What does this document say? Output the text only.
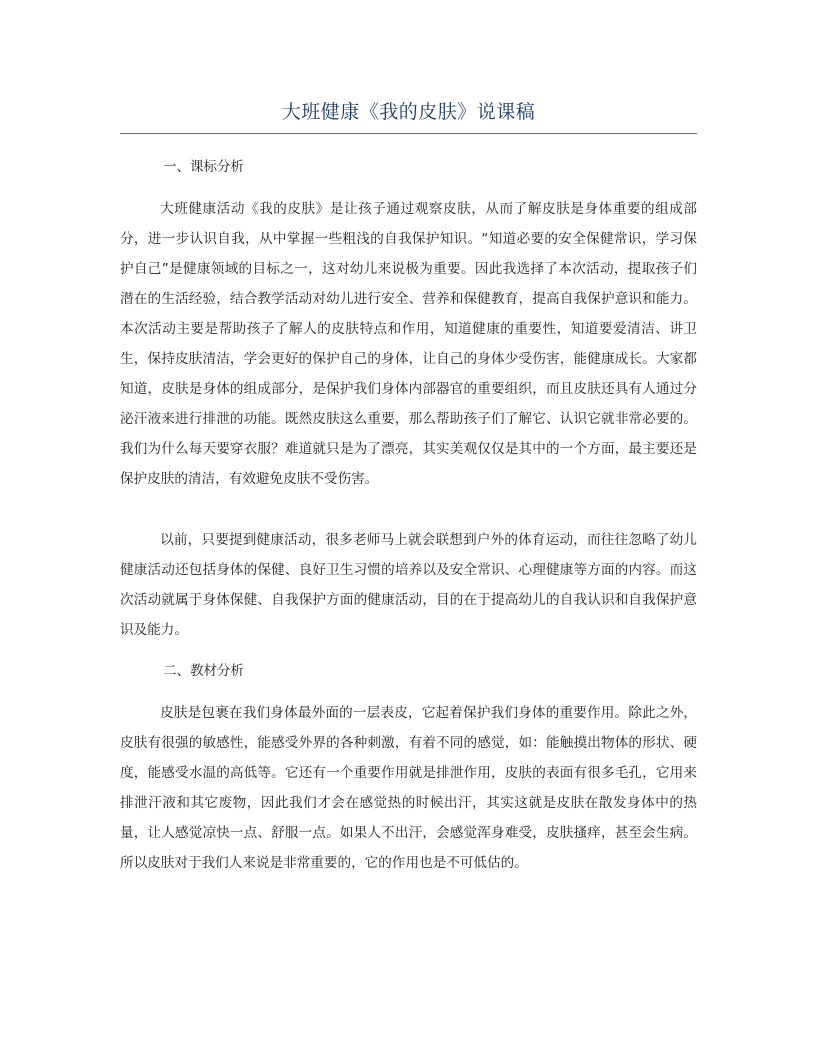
大班健康《我的皮肤》说课稿
一、课标分析

大班健康活动《我的皮肤》是让孩子通过观察皮肤，从而了解皮肤是身体重要的组成部分，进一步认识自我，从中掌握一些粗浅的自我保护知识。“知道必要的安全保健常识，学习保护自己”是健康领域的目标之一，这对幼儿来说极为重要。因此我选择了本次活动，提取孩子们潜在的生活经验，结合教学活动对幼儿进行安全、营养和保健教育，提高自我保护意识和能力。本次活动主要是帮助孩子了解人的皮肤特点和作用，知道健康的重要性，知道要爱清洁、讲卫生，保持皮肤清洁，学会更好的保护自己的身体，让自己的身体少受伤害，能健康成长。大家都知道，皮肤是身体的组成部分，是保护我们身体内部器官的重要组织，而且皮肤还具有人通过分泌汗液来进行排泄的功能。既然皮肤这么重要，那么帮助孩子们了解它、认识它就非常必要的。我们为什么每天要穿衣服？难道就只是为了漂亮，其实美观仅仅是其中的一个方面，最主要还是保护皮肤的清洁，有效避免皮肤不受伤害。

以前，只要提到健康活动，很多老师马上就会联想到户外的体育运动，而往往忽略了幼儿健康活动还包括身体的保健、良好卫生习惯的培养以及安全常识、心理健康等方面的内容。而这次活动就属于身体保健、自我保护方面的健康活动，目的在于提高幼儿的自我认识和自我保护意识及能力。

二、教材分析

皮肤是包裹在我们身体最外面的一层表皮，它起着保护我们身体的重要作用。除此之外，皮肤有很强的敏感性，能感受外界的各种刺激，有着不同的感觉，如：能触摸出物体的形状、硬度，能感受水温的高低等。它还有一个重要作用就是排泄作用，皮肤的表面有很多毛孔，它用来排泄汗液和其它废物，因此我们才会在感觉热的时候出汗，其实这就是皮肤在散发身体中的热量，让人感觉凉快一点、舒服一点。如果人不出汗，会感觉浑身难受，皮肤搔痒，甚至会生病。所以皮肤对于我们人来说是非常重要的，它的作用也是不可低估的。
